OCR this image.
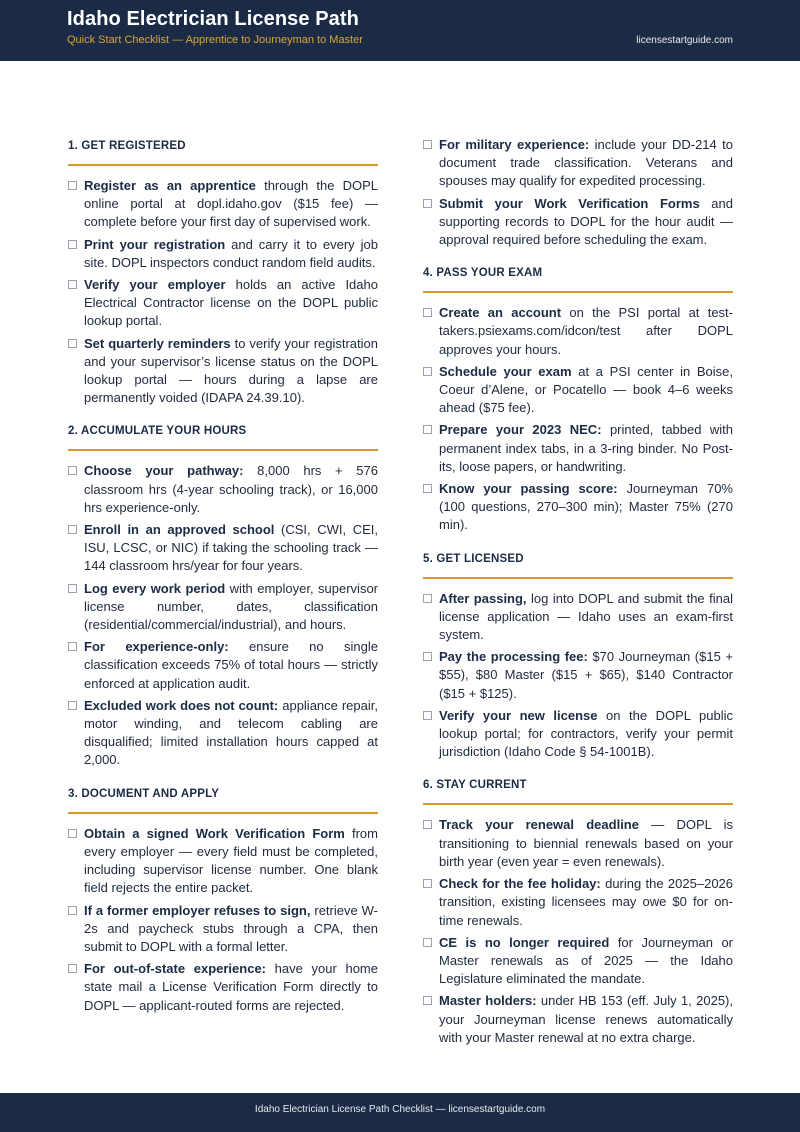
Idaho Electrician License Path
Quick Start Checklist — Apprentice to Journeyman to Master	licensestartguide.com
1. GET REGISTERED
Register as an apprentice through the DOPL online portal at dopl.idaho.gov ($15 fee) — complete before your first day of supervised work.
Print your registration and carry it to every job site. DOPL inspectors conduct random field audits.
Verify your employer holds an active Idaho Electrical Contractor license on the DOPL public lookup portal.
Set quarterly reminders to verify your registration and your supervisor’s license status on the DOPL lookup portal — hours during a lapse are permanently voided (IDAPA 24.39.10).
2. ACCUMULATE YOUR HOURS
Choose your pathway: 8,000 hrs + 576 classroom hrs (4-year schooling track), or 16,000 hrs experience-only.
Enroll in an approved school (CSI, CWI, CEI, ISU, LCSC, or NIC) if taking the schooling track — 144 classroom hrs/year for four years.
Log every work period with employer, supervisor license number, dates, classification (residential/commercial/industrial), and hours.
For experience-only: ensure no single classification exceeds 75% of total hours — strictly enforced at application audit.
Excluded work does not count: appliance repair, motor winding, and telecom cabling are disqualified; limited installation hours capped at 2,000.
3. DOCUMENT AND APPLY
Obtain a signed Work Verification Form from every employer — every field must be completed, including supervisor license number. One blank field rejects the entire packet.
If a former employer refuses to sign, retrieve W-2s and paycheck stubs through a CPA, then submit to DOPL with a formal letter.
For out-of-state experience: have your home state mail a License Verification Form directly to DOPL — applicant-routed forms are rejected.
For military experience: include your DD-214 to document trade classification. Veterans and spouses may qualify for expedited processing.
Submit your Work Verification Forms and supporting records to DOPL for the hour audit — approval required before scheduling the exam.
4. PASS YOUR EXAM
Create an account on the PSI portal at test-takers.psiexams.com/idcon/test after DOPL approves your hours.
Schedule your exam at a PSI center in Boise, Coeur d’Alene, or Pocatello — book 4–6 weeks ahead ($75 fee).
Prepare your 2023 NEC: printed, tabbed with permanent index tabs, in a 3-ring binder. No Post-its, loose papers, or handwriting.
Know your passing score: Journeyman 70% (100 questions, 270–300 min); Master 75% (270 min).
5. GET LICENSED
After passing, log into DOPL and submit the final license application — Idaho uses an exam-first system.
Pay the processing fee: $70 Journeyman ($15 + $55), $80 Master ($15 + $65), $140 Contractor ($15 + $125).
Verify your new license on the DOPL public lookup portal; for contractors, verify your permit jurisdiction (Idaho Code § 54-1001B).
6. STAY CURRENT
Track your renewal deadline — DOPL is transitioning to biennial renewals based on your birth year (even year = even renewals).
Check for the fee holiday: during the 2025–2026 transition, existing licensees may owe $0 for on-time renewals.
CE is no longer required for Journeyman or Master renewals as of 2025 — the Idaho Legislature eliminated the mandate.
Master holders: under HB 153 (eff. July 1, 2025), your Journeyman license renews automatically with your Master renewal at no extra charge.
Idaho Electrician License Path Checklist — licensestartguide.com
